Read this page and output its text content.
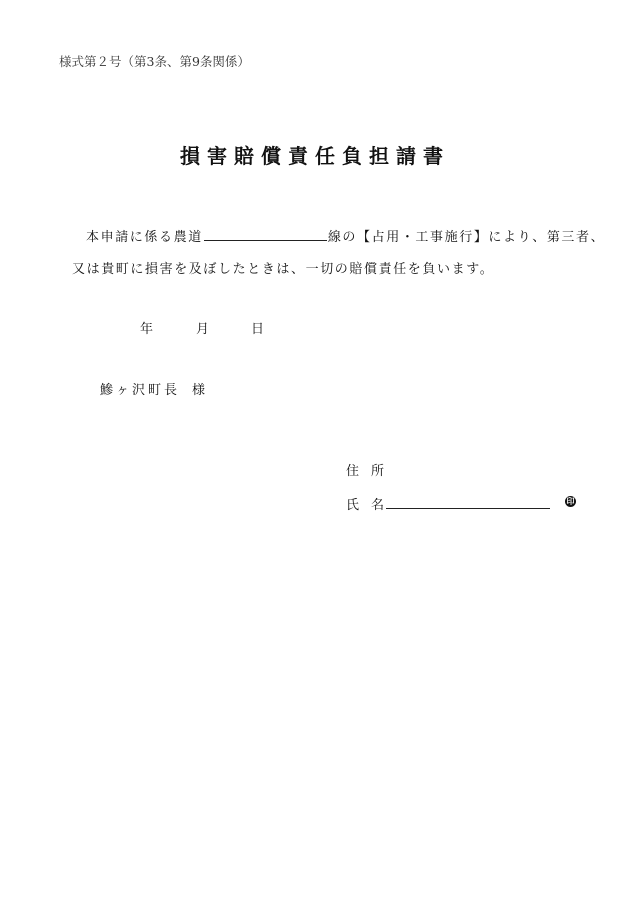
様式第２号（第3条、第9条関係）
損害賠償責任負担請書
本申請に係る農道	線の【占用・工事施行】により、第三者、
又は貴町に損害を及ぼしたときは、一切の賠償責任を負います。
年	月	日
鰺ヶ沢町長 様
住所
氏名	印
